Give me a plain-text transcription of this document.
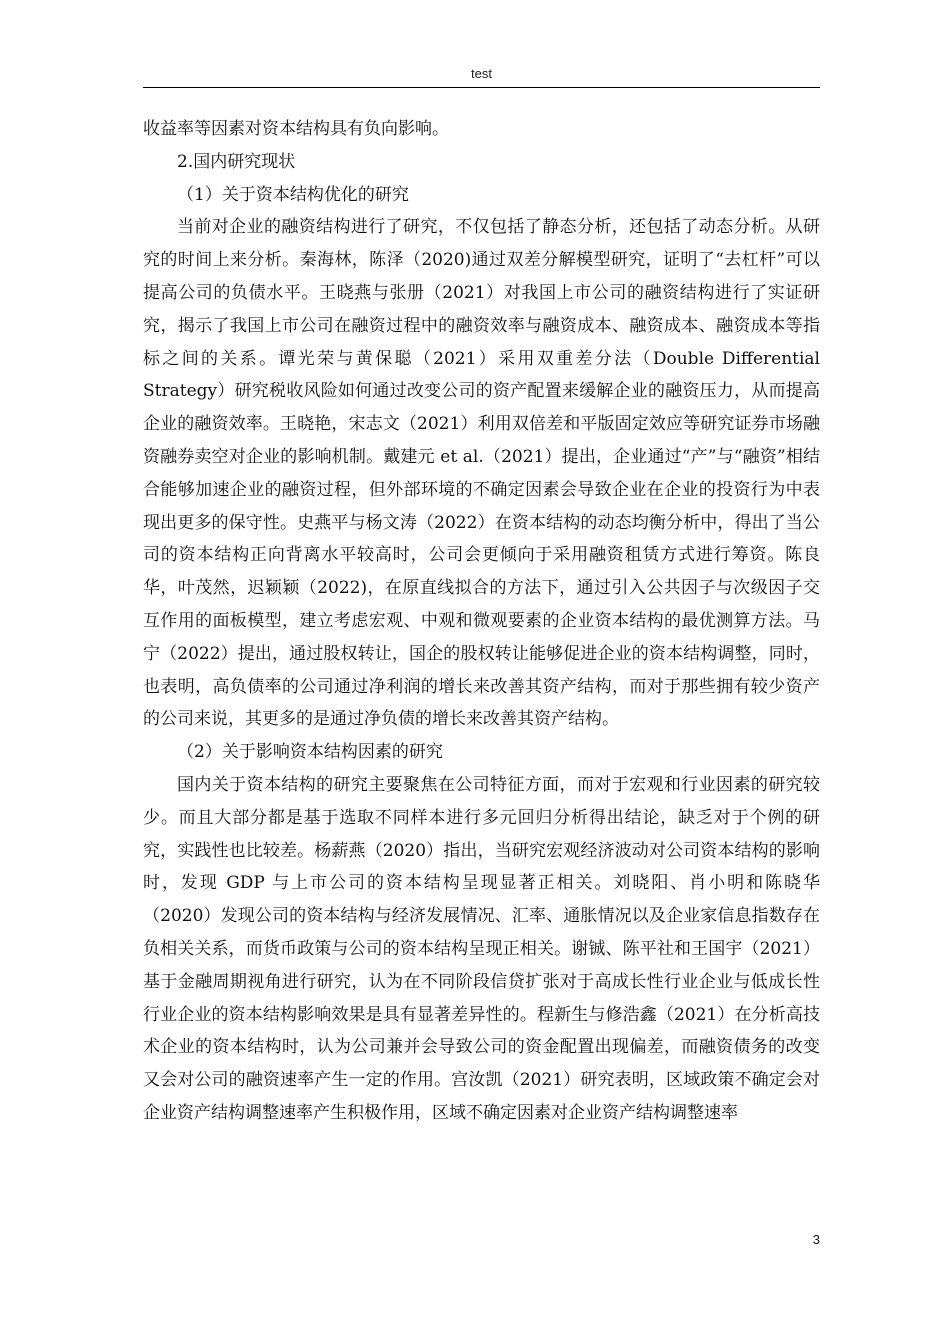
test

收益率等因素对资本结构具有负向影响。

2.国内研究现状

（1）关于资本结构优化的研究

当前对企业的融资结构进行了研究，不仅包括了静态分析，还包括了动态分析。从研究的时间上来分析。秦海林，陈泽（2020)通过双差分解模型研究，证明了“去杠杆”可以提高公司的负债水平。王晓燕与张册（2021）对我国上市公司的融资结构进行了实证研究，揭示了我国上市公司在融资过程中的融资效率与融资成本、融资成本、融资成本等指标之间的关系。谭光荣与黄保聪（2021）采用双重差分法（Double Differential Strategy）研究税收风险如何通过改变公司的资产配置来缓解企业的融资压力，从而提高企业的融资效率。王晓艳，宋志文（2021）利用双倍差和平版固定效应等研究证券市场融资融券卖空对企业的影响机制。戴建元 et al.（2021）提出，企业通过“产”与“融资”相结合能够加速企业的融资过程，但外部环境的不确定因素会导致企业在企业的投资行为中表现出更多的保守性。史燕平与杨文涛（2022）在资本结构的动态均衡分析中，得出了当公司的资本结构正向背离水平较高时，公司会更倾向于采用融资租赁方式进行筹资。陈良华，叶茂然，迟颖颖（2022)，在原直线拟合的方法下，通过引入公共因子与次级因子交互作用的面板模型，建立考虑宏观、中观和微观要素的企业资本结构的最优测算方法。马宁（2022）提出，通过股权转让，国企的股权转让能够促进企业的资本结构调整，同时，也表明，高负债率的公司通过净利润的增长来改善其资产结构，而对于那些拥有较少资产的公司来说，其更多的是通过净负债的增长来改善其资产结构。

（2）关于影响资本结构因素的研究

国内关于资本结构的研究主要聚焦在公司特征方面，而对于宏观和行业因素的研究较少。而且大部分都是基于选取不同样本进行多元回归分析得出结论，缺乏对于个例的研究，实践性也比较差。杨薪燕（2020）指出，当研究宏观经济波动对公司资本结构的影响时，发现 GDP 与上市公司的资本结构呈现显著正相关。刘晓阳、肖小明和陈晓华（2020）发现公司的资本结构与经济发展情况、汇率、通胀情况以及企业家信息指数存在负相关关系，而货币政策与公司的资本结构呈现正相关。谢铖、陈平社和王国宇（2021）基于金融周期视角进行研究，认为在不同阶段信贷扩张对于高成长性行业企业与低成长性行业企业的资本结构影响效果是具有显著差异性的。程新生与修浩鑫（2021）在分析高技术企业的资本结构时，认为公司兼并会导致公司的资金配置出现偏差，而融资债务的改变又会对公司的融资速率产生一定的作用。宫汝凯（2021）研究表明，区域政策不确定会对企业资产结构调整速率产生积极作用，区域不确定因素对企业资产结构调整速率

3
